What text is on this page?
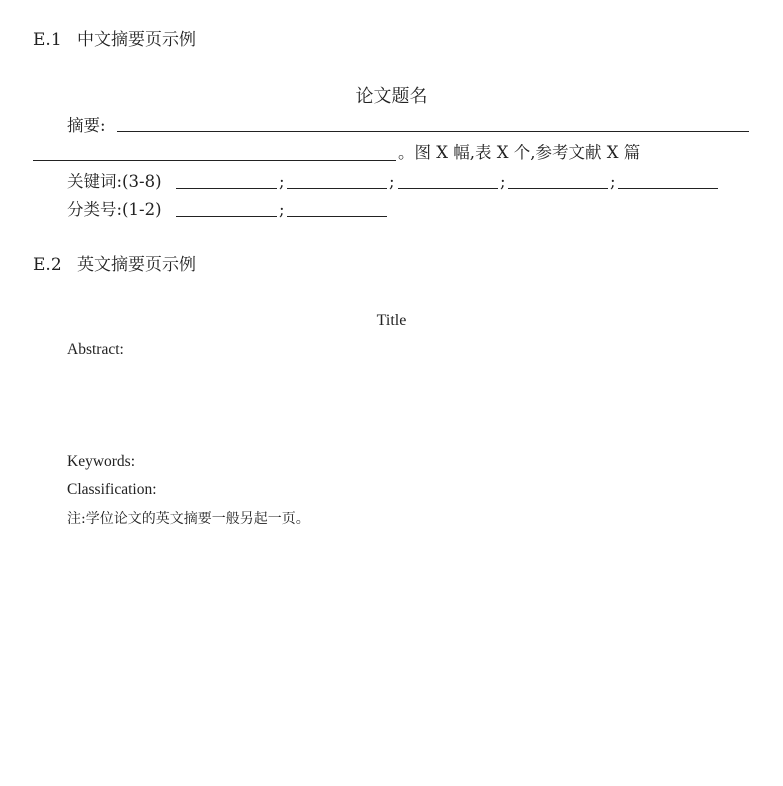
E.1 中文摘要页示例
论文题名
摘要:
。图 X 幅,表 X 个,参考文献 X 篇
关键词:(3-8)	;	;	;	;
分类号:(1-2)	;
E.2 英文摘要页示例
Title
Abstract:
Keywords:
Classification:
注:学位论文的英文摘要一般另起一页。
